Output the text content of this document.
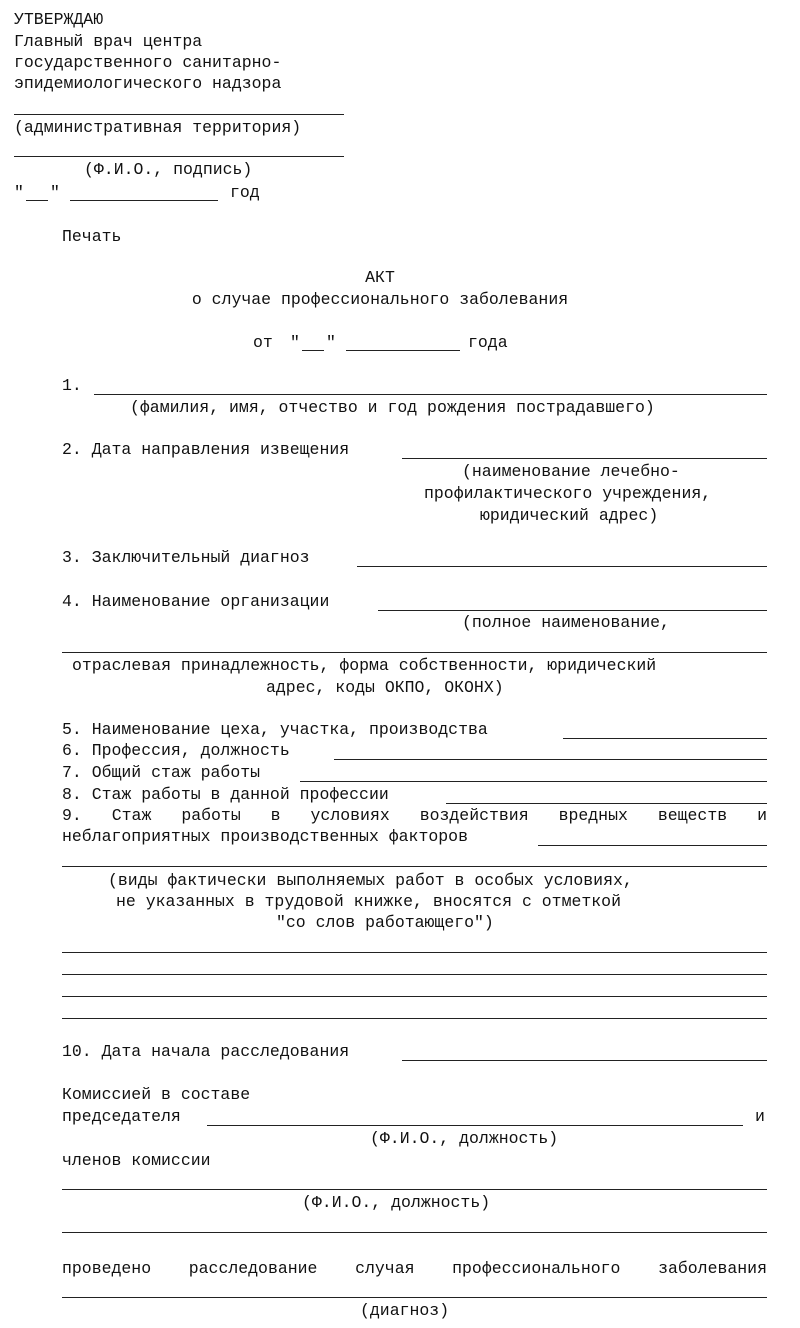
УТВЕРЖДАЮ
Главный врач центра
государственного санитарно-
эпидемиологического надзора
(административная территория)
(Ф.И.О., подпись)
" "	год
Печать
АКТ
о случае профессионального заболевания
от " "	года
1.
(фамилия, имя, отчество и год рождения пострадавшего)
2. Дата направления извещения
(наименование лечебно-
профилактического учреждения,
юридический адрес)
3. Заключительный диагноз
4. Наименование организации
(полное наименование,
отраслевая принадлежность, форма собственности, юридический
адрес, коды ОКПО, ОКОНХ)
5. Наименование цеха, участка, производства
6. Профессия, должность
7. Общий стаж работы
8. Стаж работы в данной профессии
9. Стаж работы в условиях воздействия вредных веществ и
неблагоприятных производственных факторов
(виды фактически выполняемых работ в особых условиях,
не указанных в трудовой книжке, вносятся с отметкой
"со слов работающего")
10. Дата начала расследования
Комиссией в составе
председателя	и
(Ф.И.О., должность)
членов комиссии
(Ф.И.О., должность)
проведено расследование случая профессионального заболевания
(диагноз)
